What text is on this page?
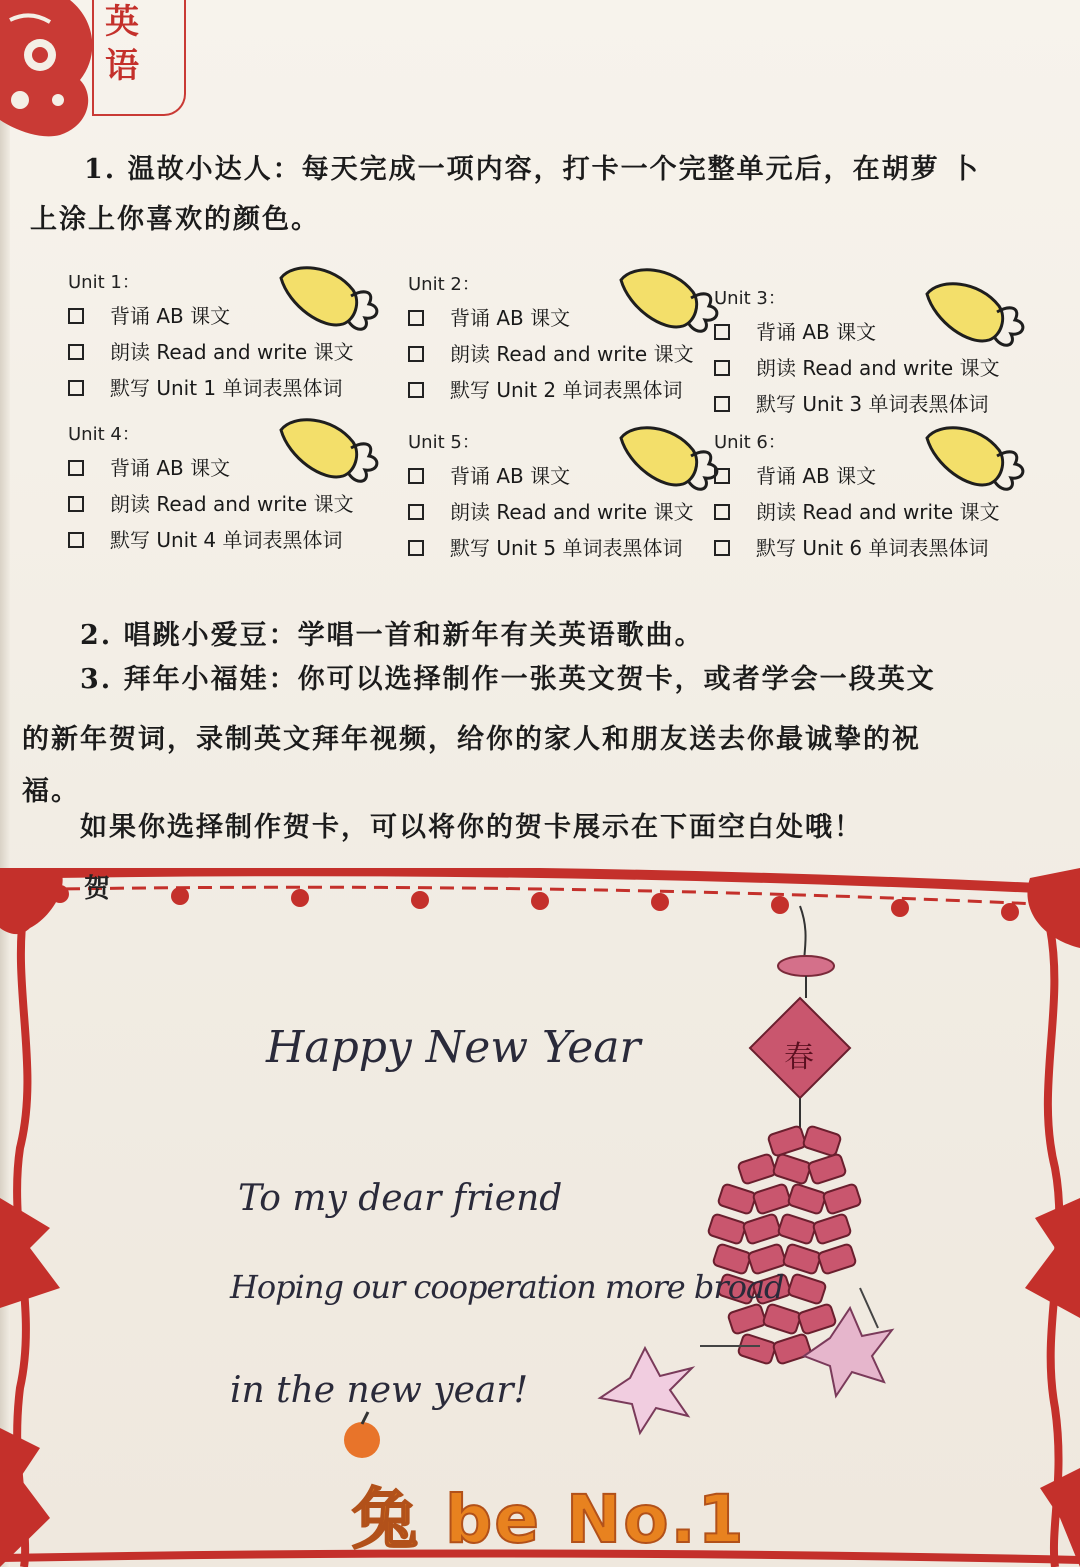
英语
1. 温故小达人：每天完成一项内容，打卡一个完整单元后，在胡萝 卜
上涂上你喜欢的颜色。
Unit 1：
背诵 AB 课文
朗读 Read and write 课文
默写 Unit 1 单词表黑体词
Unit 2：
背诵 AB 课文
朗读 Read and write 课文
默写 Unit 2 单词表黑体词
Unit 3：
背诵 AB 课文
朗读 Read and write 课文
默写 Unit 3 单词表黑体词
Unit 4：
背诵 AB 课文
朗读 Read and write 课文
默写 Unit 4 单词表黑体词
Unit 5：
背诵 AB 课文
朗读 Read and write 课文
默写 Unit 5 单词表黑体词
Unit 6：
背诵 AB 课文
朗读 Read and write 课文
默写 Unit 6 单词表黑体词
2. 唱跳小爱豆：学唱一首和新年有关英语歌曲。
3. 拜年小福娃：你可以选择制作一张英文贺卡，或者学会一段英文
的新年贺词，录制英文拜年视频，给你的家人和朋友送去你最诚挚的祝
福。
如果你选择制作贺卡，可以将你的贺卡展示在下面空白处哦！
贺
春
Happy New Year
To my dear friend
Hoping our cooperation more broad
in the new year!
兔 be No.1
